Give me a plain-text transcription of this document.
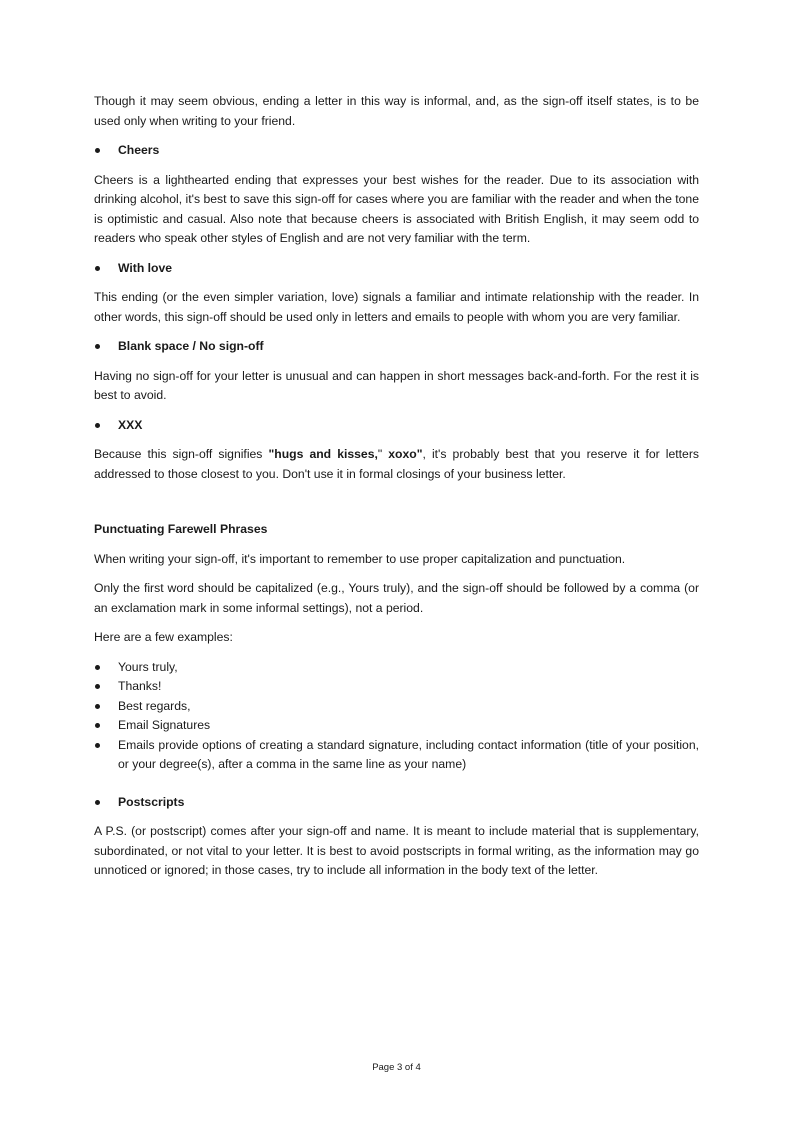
Though it may seem obvious, ending a letter in this way is informal, and, as the sign-off itself states, is to be used only when writing to your friend.

Cheers

Cheers is a lighthearted ending that expresses your best wishes for the reader. Due to its association with drinking alcohol, it's best to save this sign-off for cases where you are familiar with the reader and when the tone is optimistic and casual. Also note that because cheers is associated with British English, it may seem odd to readers who speak other styles of English and are not very familiar with the term.

With love

This ending (or the even simpler variation, love) signals a familiar and intimate relationship with the reader. In other words, this sign-off should be used only in letters and emails to people with whom you are very familiar.

Blank space / No sign-off

Having no sign-off for your letter is unusual and can happen in short messages back-and-forth. For the rest it is best to avoid.

XXX

Because this sign-off signifies "hugs and kisses," xoxo", it's probably best that you reserve it for letters addressed to those closest to you. Don't use it in formal closings of your business letter.

Punctuating Farewell Phrases

When writing your sign-off, it's important to remember to use proper capitalization and punctuation.

Only the first word should be capitalized (e.g., Yours truly), and the sign-off should be followed by a comma (or an exclamation mark in some informal settings), not a period.

Here are a few examples:

Yours truly,
Thanks!
Best regards,
Email Signatures
Emails provide options of creating a standard signature, including contact information (title of your position, or your degree(s), after a comma in the same line as your name)
Postscripts

A P.S. (or postscript) comes after your sign-off and name. It is meant to include material that is supplementary, subordinated, or not vital to your letter. It is best to avoid postscripts in formal writing, as the information may go unnoticed or ignored; in those cases, try to include all information in the body text of the letter.

Page 3 of 4
